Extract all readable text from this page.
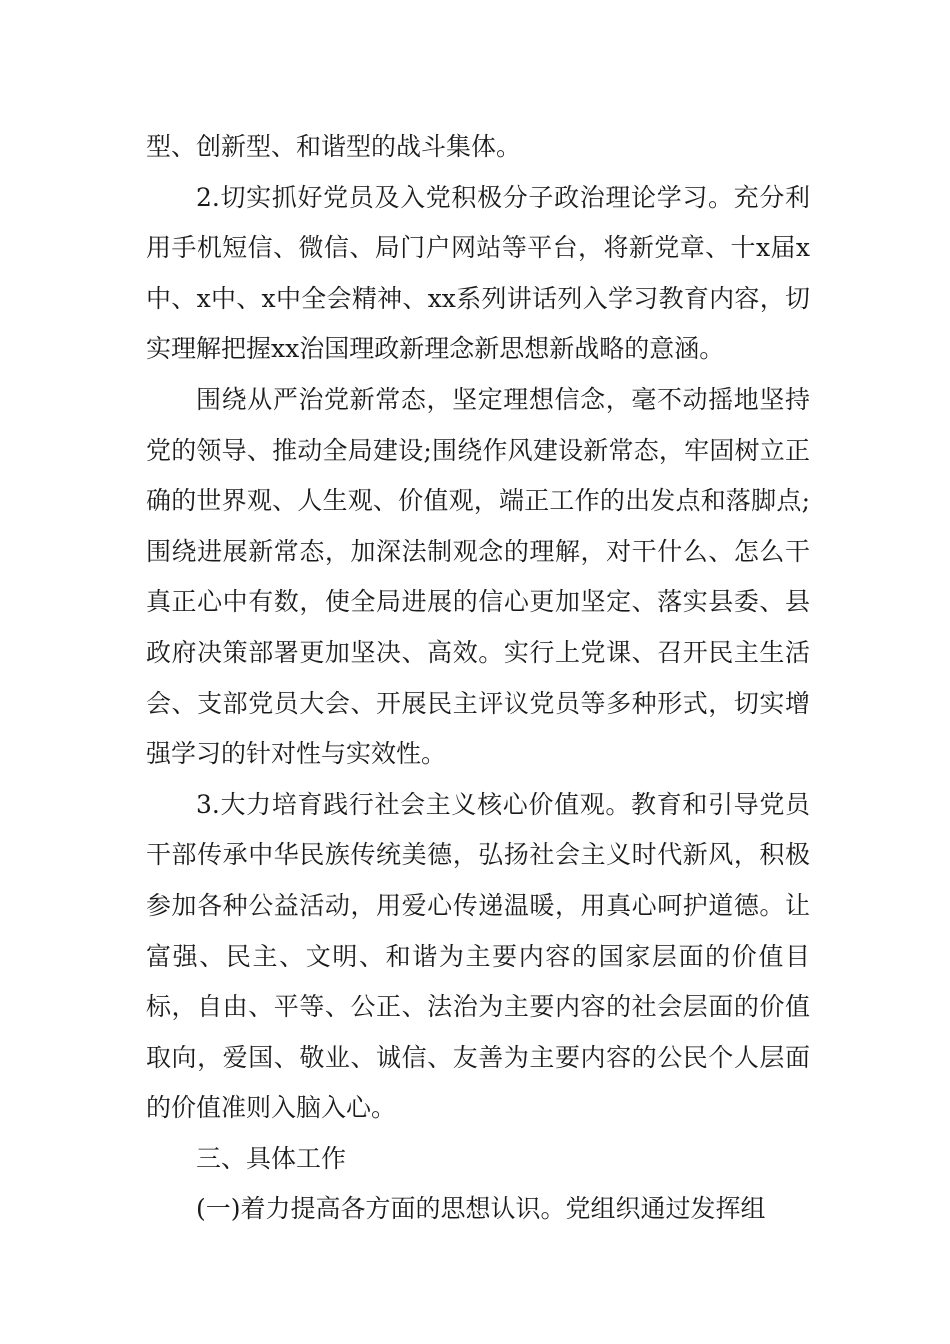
型、创新型、和谐型的战斗集体。

2.切实抓好党员及入党积极分子政治理论学习。充分利用手机短信、微信、局门户网站等平台，将新党章、十x届x中、x中、x中全会精神、xx系列讲话列入学习教育内容，切实理解把握xx治国理政新理念新思想新战略的意涵。

围绕从严治党新常态，坚定理想信念，毫不动摇地坚持党的领导、推动全局建设;围绕作风建设新常态，牢固树立正确的世界观、人生观、价值观，端正工作的出发点和落脚点;围绕进展新常态，加深法制观念的理解，对干什么、怎么干真正心中有数，使全局进展的信心更加坚定、落实县委、县政府决策部署更加坚决、高效。实行上党课、召开民主生活会、支部党员大会、开展民主评议党员等多种形式，切实增强学习的针对性与实效性。

3.大力培育践行社会主义核心价值观。教育和引导党员干部传承中华民族传统美德，弘扬社会主义时代新风，积极参加各种公益活动，用爱心传递温暖，用真心呵护道德。让富强、民主、文明、和谐为主要内容的国家层面的价值目标，自由、平等、公正、法治为主要内容的社会层面的价值取向，爱国、敬业、诚信、友善为主要内容的公民个人层面的价值准则入脑入心。

三、具体工作

(一)着力提高各方面的思想认识。党组织通过发挥组
